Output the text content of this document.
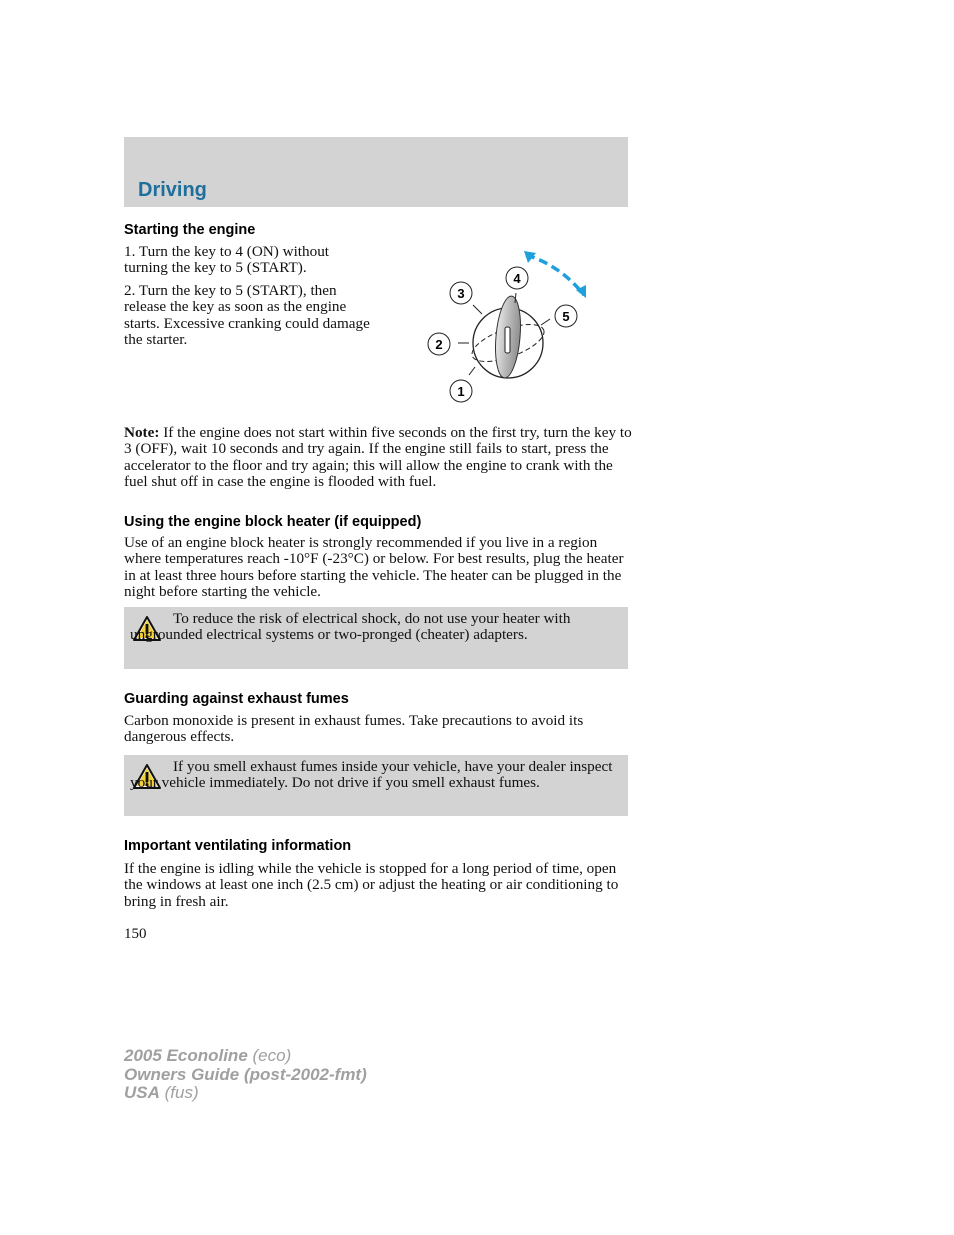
Driving
Starting the engine
1. Turn the key to 4 (ON) without turning the key to 5 (START).
2. Turn the key to 5 (START), then release the key as soon as the engine starts. Excessive cranking could damage the starter.
1
2
3
4
5
Note: If the engine does not start within five seconds on the first try, turn the key to 3 (OFF), wait 10 seconds and try again. If the engine still fails to start, press the accelerator to the floor and try again; this will allow the engine to crank with the fuel shut off in case the engine is flooded with fuel.
Using the engine block heater (if equipped)
Use of an engine block heater is strongly recommended if you live in a region where temperatures reach -10°F (-23°C) or below. For best results, plug the heater in at least three hours before starting the vehicle. The heater can be plugged in the night before starting the vehicle.
To reduce the risk of electrical shock, do not use your heater with ungrounded electrical systems or two-pronged (cheater) adapters.
Guarding against exhaust fumes
Carbon monoxide is present in exhaust fumes. Take precautions to avoid its dangerous effects.
If you smell exhaust fumes inside your vehicle, have your dealer inspect your vehicle immediately. Do not drive if you smell exhaust fumes.
Important ventilating information
If the engine is idling while the vehicle is stopped for a long period of time, open the windows at least one inch (2.5 cm) or adjust the heating or air conditioning to bring in fresh air.
150
2005 Econoline (eco)
Owners Guide (post-2002-fmt)
USA (fus)
